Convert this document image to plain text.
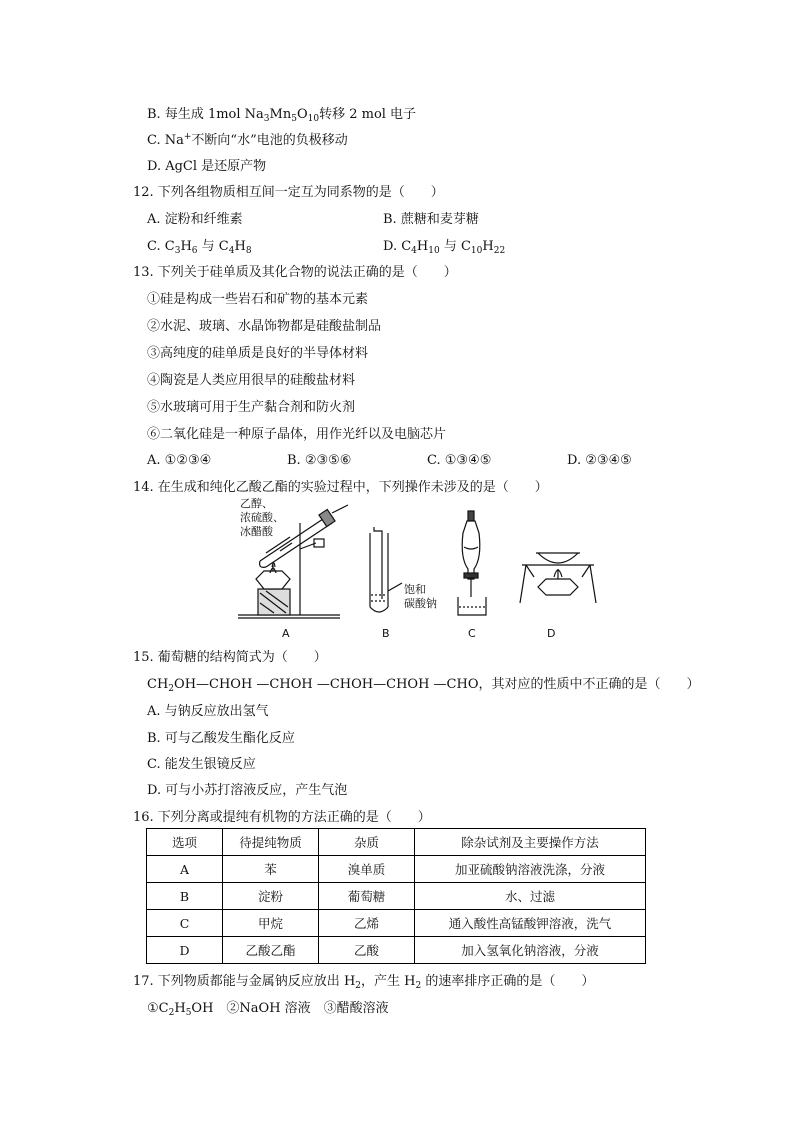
B. 每生成 1mol $Na_3Mn_5O_{10}$转移 2 mol 电子
C. Na+不断向“水”电池的负极移动
D. AgCl 是还原产物
12. 下列各组物质相互间一定互为同系物的是（　　）
A. 淀粉和纤维素	B. 蔗糖和麦芽糖
C. $C_3H_6$ 与 $C_4H_8$	D. $C_4H_{10}$ 与 $C_{10}H_{22}$
13. 下列关于硅单质及其化合物的说法正确的是（　　）
①硅是构成一些岩石和矿物的基本元素
②水泥、玻璃、水晶饰物都是硅酸盐制品
③高纯度的硅单质是良好的半导体材料
④陶瓷是人类应用很早的硅酸盐材料
⑤水玻璃可用于生产黏合剂和防火剂
⑥二氧化硅是一种原子晶体，用作光纤以及电脑芯片
A. ①②③④	B. ②③⑤⑥	C. ①③④⑤	D. ②③④⑤
14. 在生成和纯化乙酸乙酯的实验过程中，下列操作未涉及的是（　　）
乙醇、
浓硫酸、
冰醋酸
饱和
碳酸钠
A	B	C	D
15. 葡萄糖的结构简式为（　　）
$CH_2OH—CHOH$ —CHOH —CHOH—CHOH —CHO，其对应的性质中不正确的是（　　）
A. 与钠反应放出氢气
B. 可与乙酸发生酯化反应
C. 能发生银镜反应
D. 可与小苏打溶液反应，产生气泡
16. 下列分离或提纯有机物的方法正确的是（　　）
选项	待提纯物质	杂质	除杂试剂及主要操作方法
A	苯	溴单质	加亚硫酸钠溶液洗涤，分液
B	淀粉	葡萄糖	水、过滤
C	甲烷	乙烯	通入酸性高锰酸钾溶液，洗气
D	乙酸乙酯	乙酸	加入氢氧化钠溶液，分液
17. 下列物质都能与金属钠反应放出 $H_2$，产生 $H_2$ 的速率排序正确的是（　　）
$①C_2H_5OH$　②NaOH 溶液　③醋酸溶液
